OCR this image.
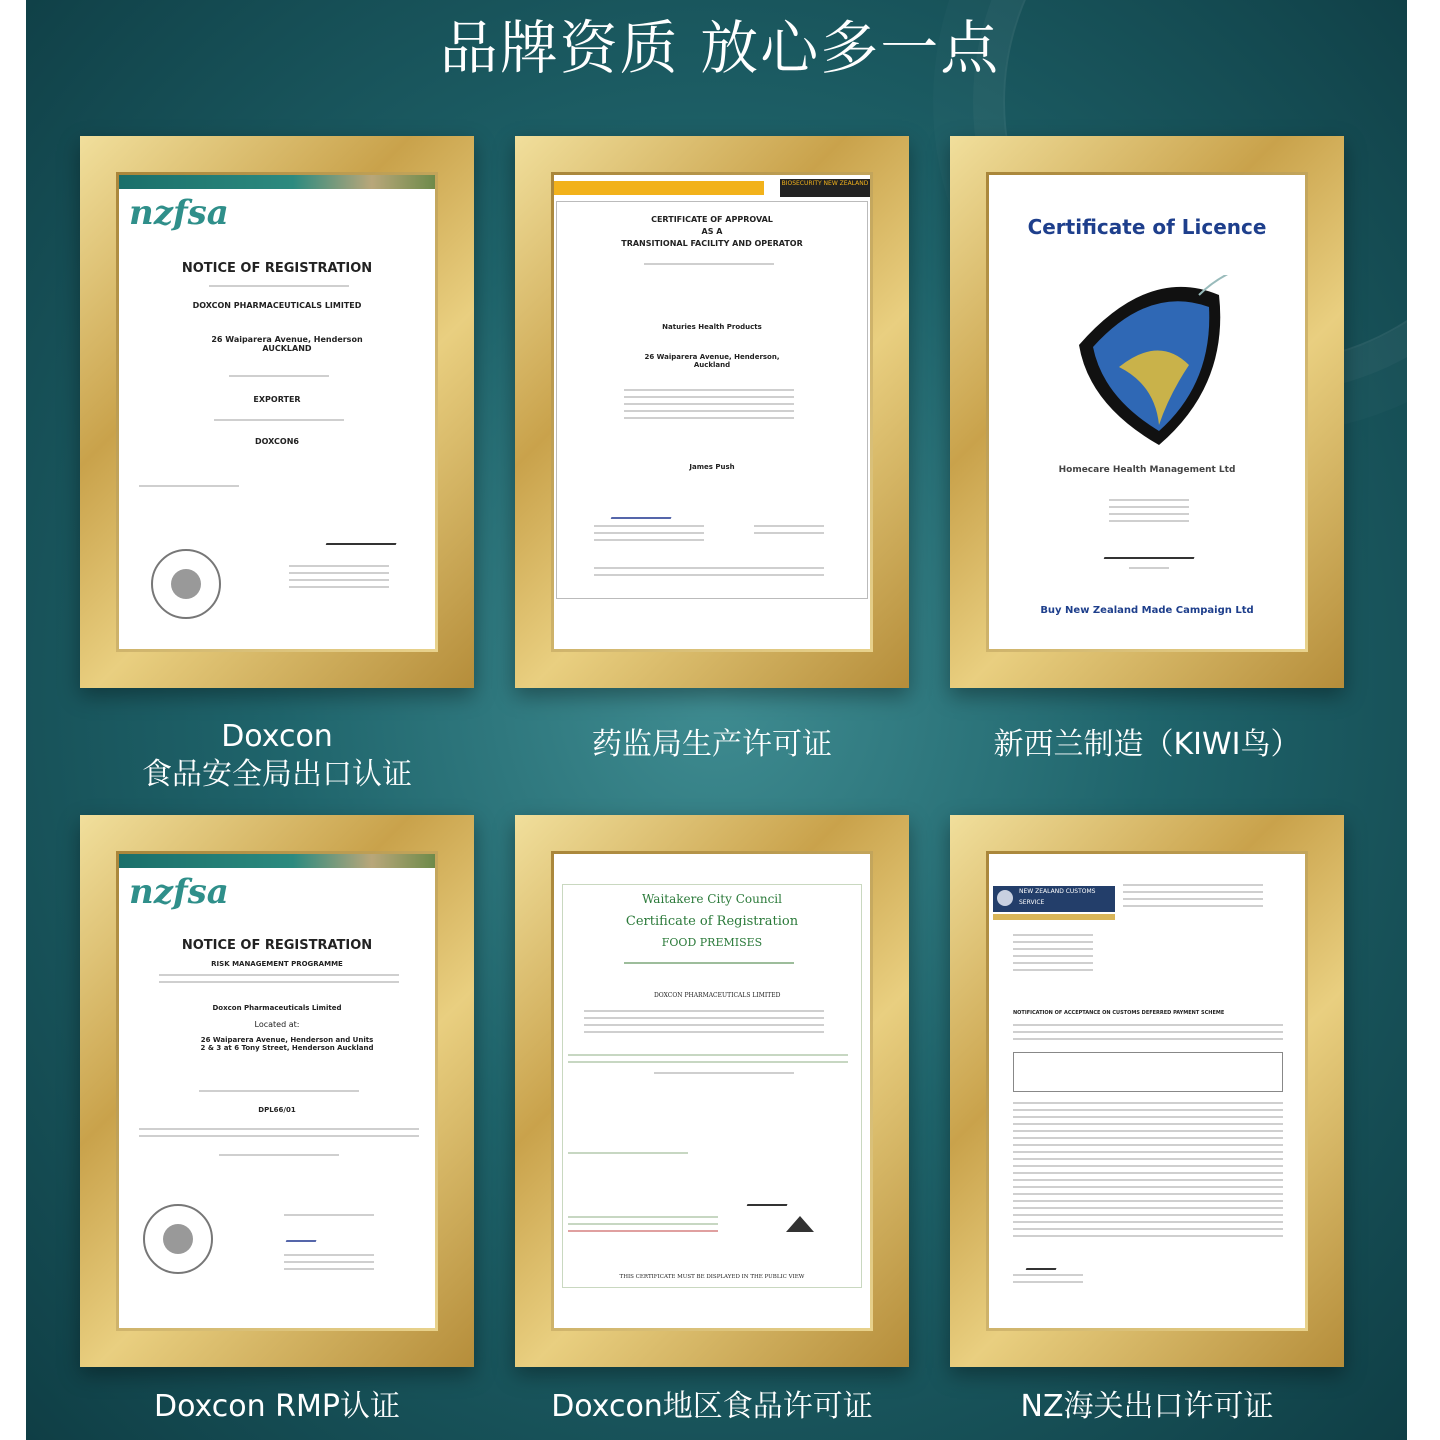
品牌资质 放心多一点
nzfsa
NOTICE OF REGISTRATION
DOXCON PHARMACEUTICALS LIMITED
26 Waiparera Avenue, Henderson AUCKLAND
EXPORTER
DOXCON6
BIOSECURITY NEW ZEALAND
CERTIFICATE OF APPROVAL
AS A
TRANSITIONAL FACILITY AND OPERATOR
Naturies Health Products
26 Waiparera Avenue, Henderson, Auckland
James Push
Certificate of Licence
Homecare Health Management Ltd
Buy New Zealand Made Campaign Ltd
Doxcon
食品安全局出口认证
药监局生产许可证	新西兰制造（KIWI鸟）
nzfsa
NOTICE OF REGISTRATION
RISK MANAGEMENT PROGRAMME
Doxcon Pharmaceuticals Limited
Located at:
26 Waiparera Avenue, Henderson and Units 2 & 3 at 6 Tony Street, Henderson Auckland
DPL66/01
Waitakere City Council
Certificate of Registration
FOOD PREMISES
DOXCON PHARMACEUTICALS LIMITED
THIS CERTIFICATE MUST BE DISPLAYED IN THE PUBLIC VIEW
NEW ZEALAND CUSTOMS SERVICE
NOTIFICATION OF ACCEPTANCE ON CUSTOMS DEFERRED PAYMENT SCHEME
Doxcon RMP认证	Doxcon地区食品许可证	NZ海关出口许可证
